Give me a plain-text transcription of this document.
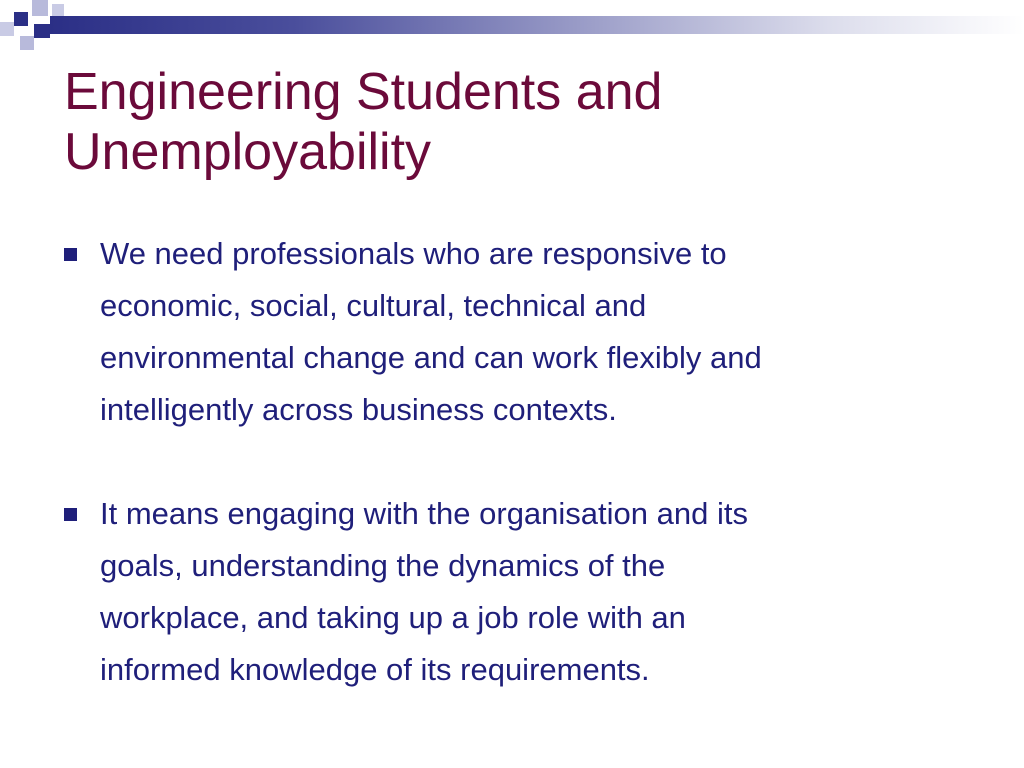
Engineering Students and
Unemployability
We need professionals who are responsive to
economic, social, cultural, technical and
environmental change and can work flexibly and
intelligently across business contexts.
It means engaging with the organisation and its
goals, understanding the dynamics of the
workplace, and taking up a job role with an
informed knowledge of its requirements.
